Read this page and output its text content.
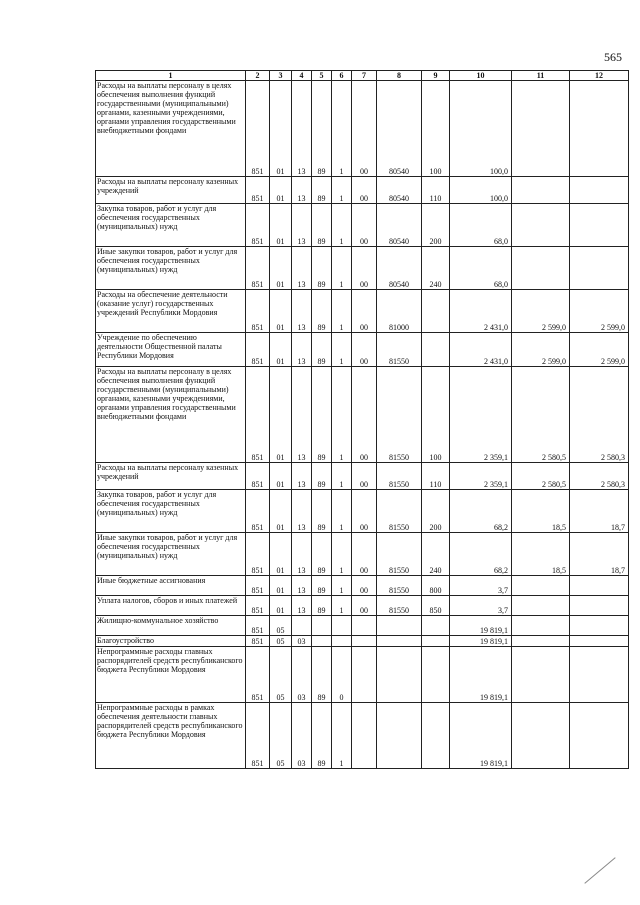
565
1	2	3	4	5	6	7	8	9	10	11	12
Расходы на выплаты персоналу в целях обеспечения выполнения функций государственными (муниципальными) органами, казенными учреждениями, органами управления государственными внебюджетными фондами	851	01	13	89	1	00	80540	100	100,0		
Расходы на выплаты персоналу казенных учреждений	851	01	13	89	1	00	80540	110	100,0		
Закупка товаров, работ и услуг для обеспечения государственных (муниципальных) нужд	851	01	13	89	1	00	80540	200	68,0		
Иные закупки товаров, работ и услуг для обеспечения государственных (муниципальных) нужд	851	01	13	89	1	00	80540	240	68,0		
Расходы на обеспечение деятельности (оказание услуг) государственных учреждений Республики Мордовия	851	01	13	89	1	00	81000		2 431,0	2 599,0	2 599,0
Учреждение по обеспечению деятельности Общественной палаты Республики Мордовия	851	01	13	89	1	00	81550		2 431,0	2 599,0	2 599,0
Расходы на выплаты персоналу в целях обеспечения выполнения функций государственными (муниципальными) органами, казенными учреждениями, органами управления государственными внебюджетными фондами	851	01	13	89	1	00	81550	100	2 359,1	2 580,5	2 580,3
Расходы на выплаты персоналу казенных учреждений	851	01	13	89	1	00	81550	110	2 359,1	2 580,5	2 580,3
Закупка товаров, работ и услуг для обеспечения государственных (муниципальных) нужд	851	01	13	89	1	00	81550	200	68,2	18,5	18,7
Иные закупки товаров, работ и услуг для обеспечения государственных (муниципальных) нужд	851	01	13	89	1	00	81550	240	68,2	18,5	18,7
Иные бюджетные ассигнования	851	01	13	89	1	00	81550	800	3,7		
Уплата налогов, сборов и иных платежей	851	01	13	89	1	00	81550	850	3,7		
Жилищно-коммунальное хозяйство	851	05							19 819,1		
Благоустройство	851	05	03						19 819,1		
Непрограммные расходы главных распорядителей средств республиканского бюджета Республики Мордовия	851	05	03	89	0				19 819,1		
Непрограммные расходы в рамках обеспечения деятельности главных распорядителей средств республиканского бюджета Республики Мордовия	851	05	03	89	1				19 819,1		
